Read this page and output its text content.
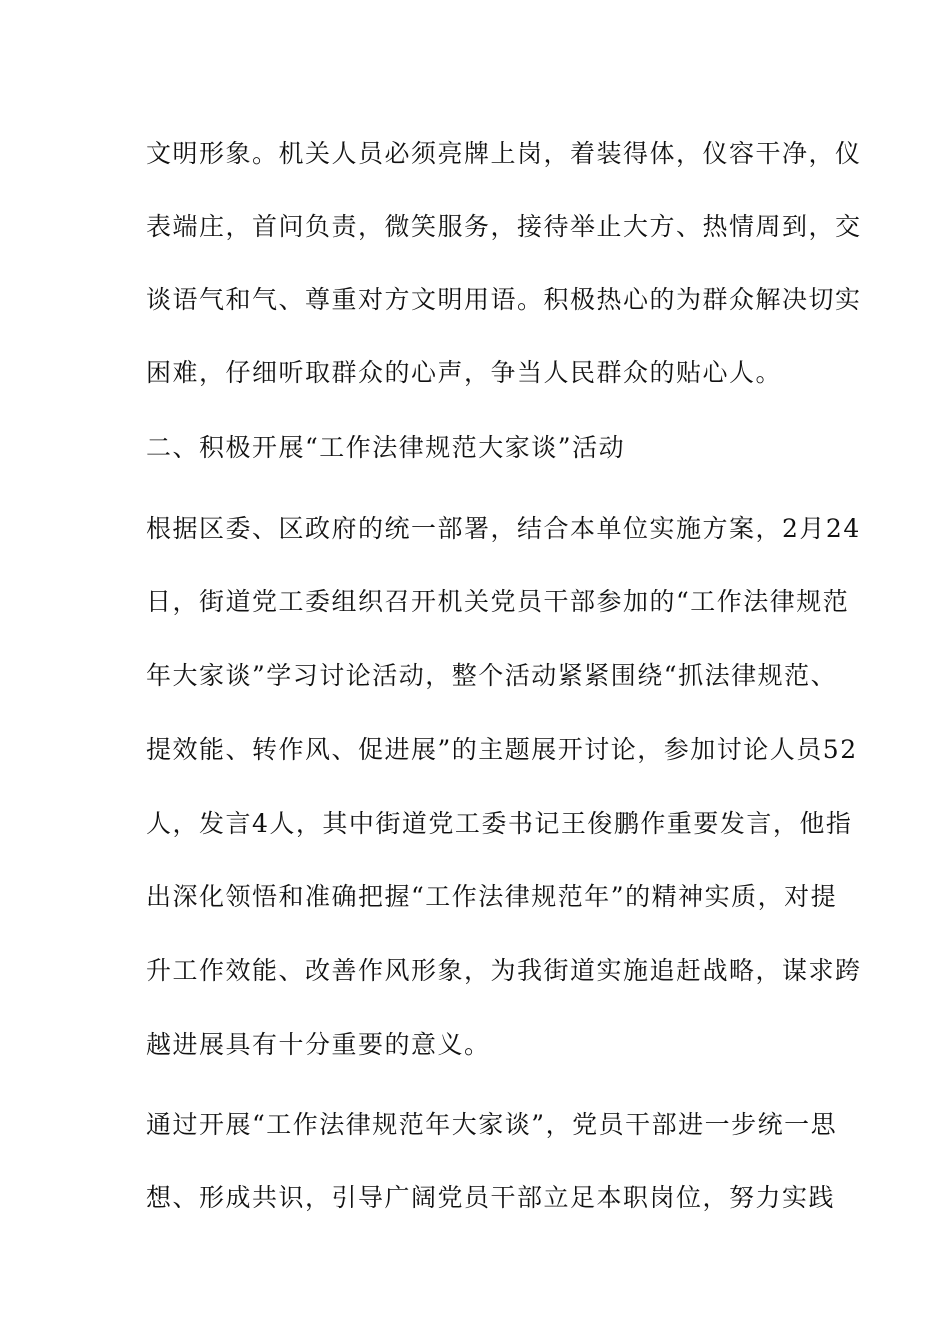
文明形象。机关人员必须亮牌上岗，着装得体，仪容干净，仪
表端庄，首问负责，微笑服务，接待举止大方、热情周到，交
谈语气和气、尊重对方文明用语。积极热心的为群众解决切实
困难，仔细听取群众的心声，争当人民群众的贴心人。
二、积极开展“工作法律规范大家谈”活动
根据区委、区政府的统一部署，结合本单位实施方案，2月24
日，街道党工委组织召开机关党员干部参加的“工作法律规范
年大家谈”学习讨论活动，整个活动紧紧围绕“抓法律规范、
提效能、转作风、促进展”的主题展开讨论，参加讨论人员52
人，发言4人，其中街道党工委书记王俊鹏作重要发言，他指
出深化领悟和准确把握“工作法律规范年”的精神实质，对提
升工作效能、改善作风形象，为我街道实施追赶战略，谋求跨
越进展具有十分重要的意义。
通过开展“工作法律规范年大家谈”，党员干部进一步统一思
想、形成共识，引导广阔党员干部立足本职岗位，努力实践
